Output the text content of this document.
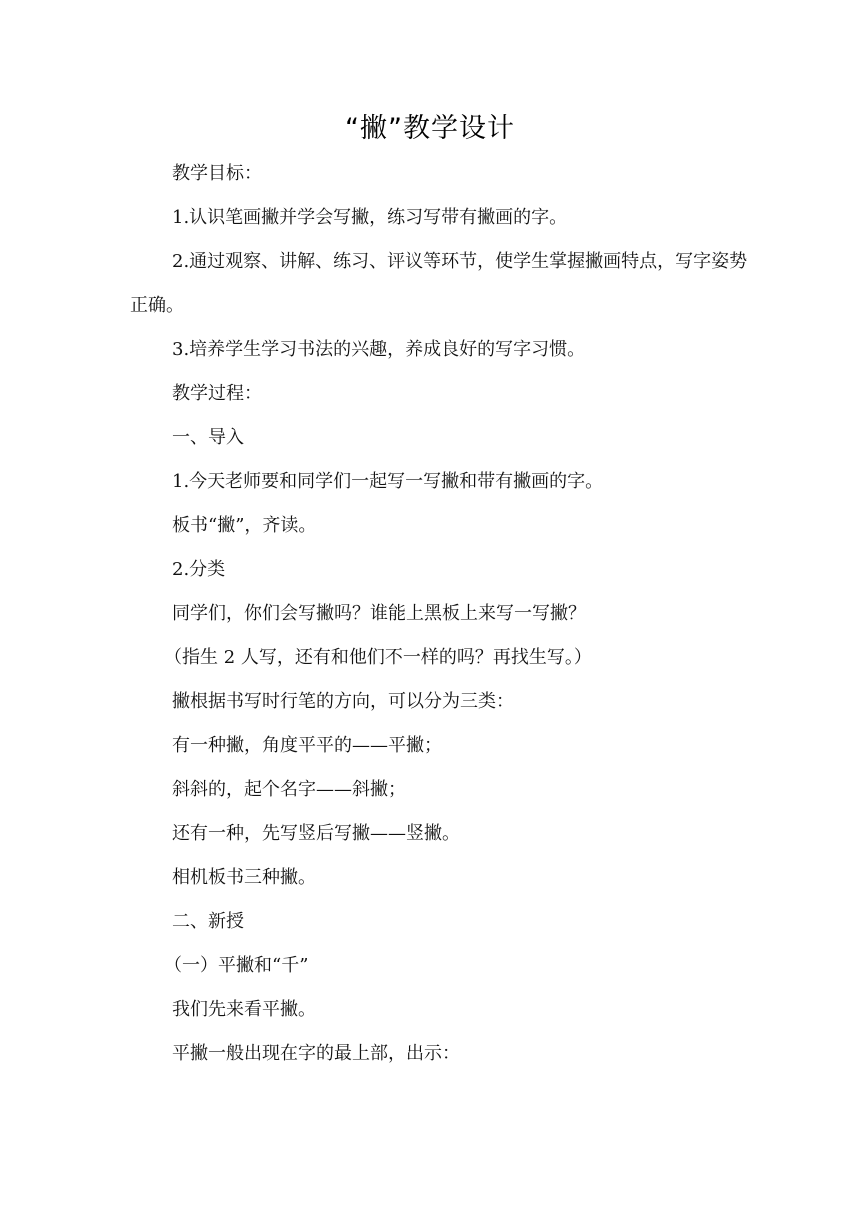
“撇”教学设计

教学目标：

1.认识笔画撇并学会写撇，练习写带有撇画的字。

2.通过观察、讲解、练习、评议等环节，使学生掌握撇画特点，写字姿势正确。

3.培养学生学习书法的兴趣，养成良好的写字习惯。

教学过程：

一、导入

1.今天老师要和同学们一起写一写撇和带有撇画的字。

板书“撇”，齐读。

2.分类

同学们，你们会写撇吗？谁能上黑板上来写一写撇？

（指生 2 人写，还有和他们不一样的吗？再找生写。）

撇根据书写时行笔的方向，可以分为三类：

有一种撇，角度平平的——平撇；

斜斜的，起个名字——斜撇；

还有一种，先写竖后写撇——竖撇。

相机板书三种撇。

二、新授

（一）平撇和“千”

我们先来看平撇。

平撇一般出现在字的最上部，出示：
